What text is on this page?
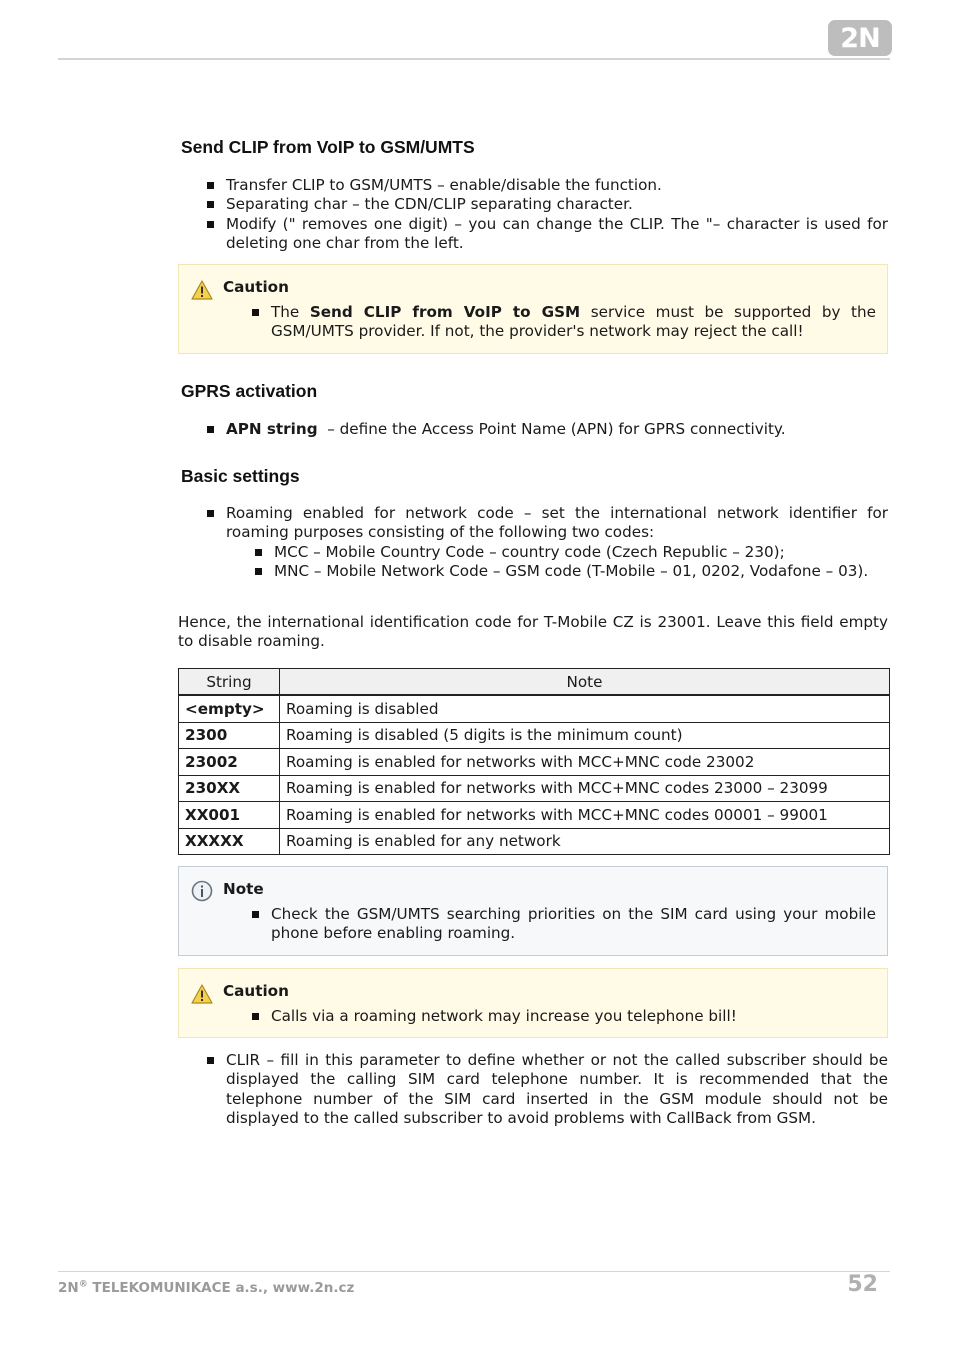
2N
Send CLIP from VoIP to GSM/UMTS
Transfer CLIP to GSM/UMTS – enable/disable the function.
Separating char – the CDN/CLIP separating character.
Modify (" removes one digit) – you can change the CLIP. The "– character is used for deleting one char from the left.
Caution
The Send CLIP from VoIP to GSM service must be supported by the GSM/UMTS provider. If not, the provider's network may reject the call!
GPRS activation
APN string – define the Access Point Name (APN) for GPRS connectivity.
Basic settings
Roaming enabled for network code – set the international network identifier for roaming purposes consisting of the following two codes:
MCC – Mobile Country Code – country code (Czech Republic – 230);
MNC – Mobile Network Code – GSM code (T-Mobile – 01, 0202, Vodafone – 03).
Hence, the international identification code for T-Mobile CZ is 23001. Leave this field empty to disable roaming.
String	Note
<empty>	Roaming is disabled
2300	Roaming is disabled (5 digits is the minimum count)
23002	Roaming is enabled for networks with MCC+MNC code 23002
230XX	Roaming is enabled for networks with MCC+MNC codes 23000 – 23099
XX001	Roaming is enabled for networks with MCC+MNC codes 00001 – 99001
XXXXX	Roaming is enabled for any network
Note
Check the GSM/UMTS searching priorities on the SIM card using your mobile phone before enabling roaming.
Caution
Calls via a roaming network may increase you telephone bill!
CLIR – fill in this parameter to define whether or not the called subscriber should be displayed the calling SIM card telephone number. It is recommended that the telephone number of the SIM card inserted in the GSM module should not be displayed to the called subscriber to avoid problems with CallBack from GSM.
2N® TELEKOMUNIKACE a.s., www.2n.cz	52
